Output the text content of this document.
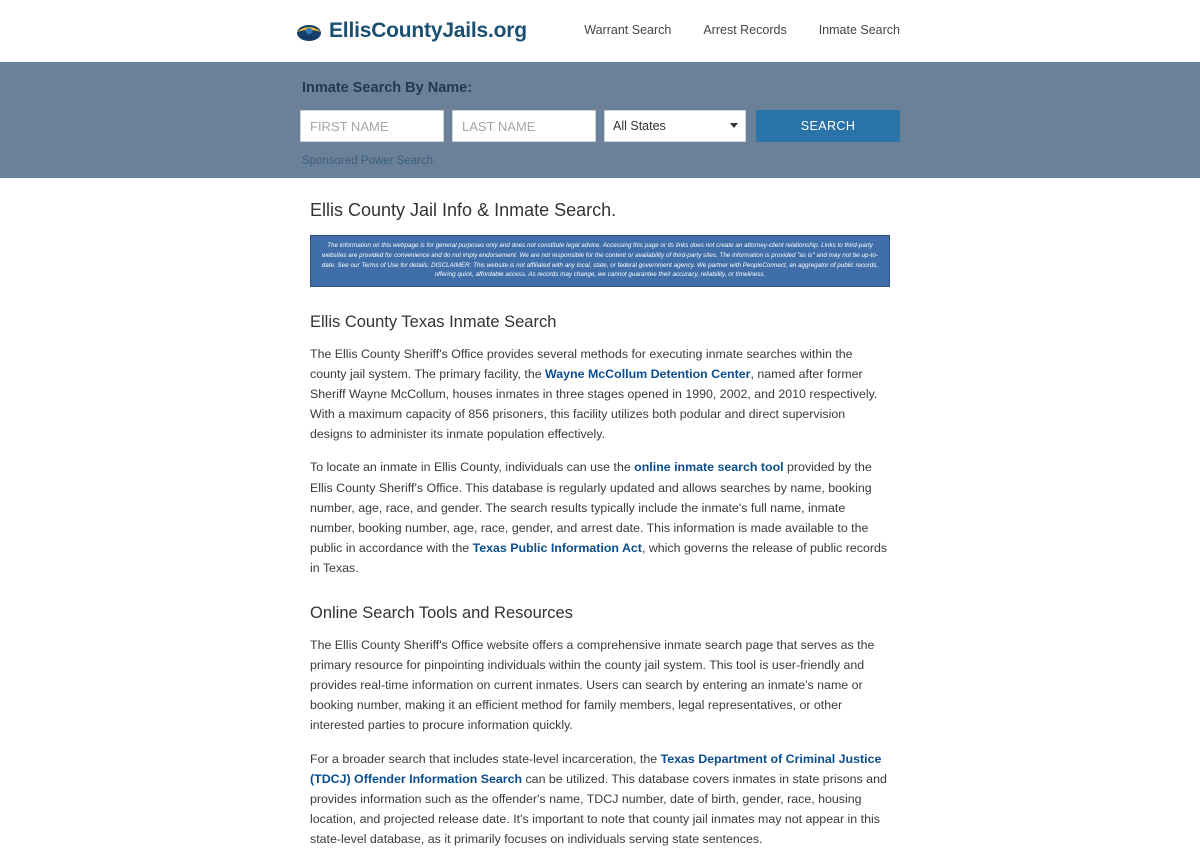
EllisCountyJails.org	Warrant Search	Arrest Records	Inmate Search
Inmate Search By Name:
FIRST NAME
LAST NAME
All States
SEARCH
Sponsored Power Search.
Ellis County Jail Info & Inmate Search.
The information on this webpage is for general purposes only and does not constitute legal advice. Accessing this page or its links does not create an attorney-client relationship. Links to third-party websites are provided for convenience and do not imply endorsement. We are not responsible for the content or availability of third-party sites. The information is provided "as is" and may not be up-to-date. See our Terms of Use for details. DISCLAIMER: This website is not affiliated with any local, state, or federal government agency. We partner with PeopleConnect, an aggregator of public records, offering quick, affordable access. As records may change, we cannot guarantee their accuracy, reliability, or timeliness.
Ellis County Texas Inmate Search

The Ellis County Sheriff's Office provides several methods for executing inmate searches within the county jail system. The primary facility, the Wayne McCollum Detention Center, named after former Sheriff Wayne McCollum, houses inmates in three stages opened in 1990, 2002, and 2010 respectively. With a maximum capacity of 856 prisoners, this facility utilizes both podular and direct supervision designs to administer its inmate population effectively.

To locate an inmate in Ellis County, individuals can use the online inmate search tool provided by the Ellis County Sheriff's Office. This database is regularly updated and allows searches by name, booking number, age, race, and gender. The search results typically include the inmate's full name, inmate number, booking number, age, race, gender, and arrest date. This information is made available to the public in accordance with the Texas Public Information Act, which governs the release of public records in Texas.

Online Search Tools and Resources

The Ellis County Sheriff's Office website offers a comprehensive inmate search page that serves as the primary resource for pinpointing individuals within the county jail system. This tool is user-friendly and provides real-time information on current inmates. Users can search by entering an inmate's name or booking number, making it an efficient method for family members, legal representatives, or other interested parties to procure information quickly.

For a broader search that includes state-level incarceration, the Texas Department of Criminal Justice (TDCJ) Offender Information Search can be utilized. This database covers inmates in state prisons and provides information such as the offender's name, TDCJ number, date of birth, gender, race, housing location, and projected release date. It's important to note that county jail inmates may not appear in this state-level database, as it primarily focuses on individuals serving state sentences.
